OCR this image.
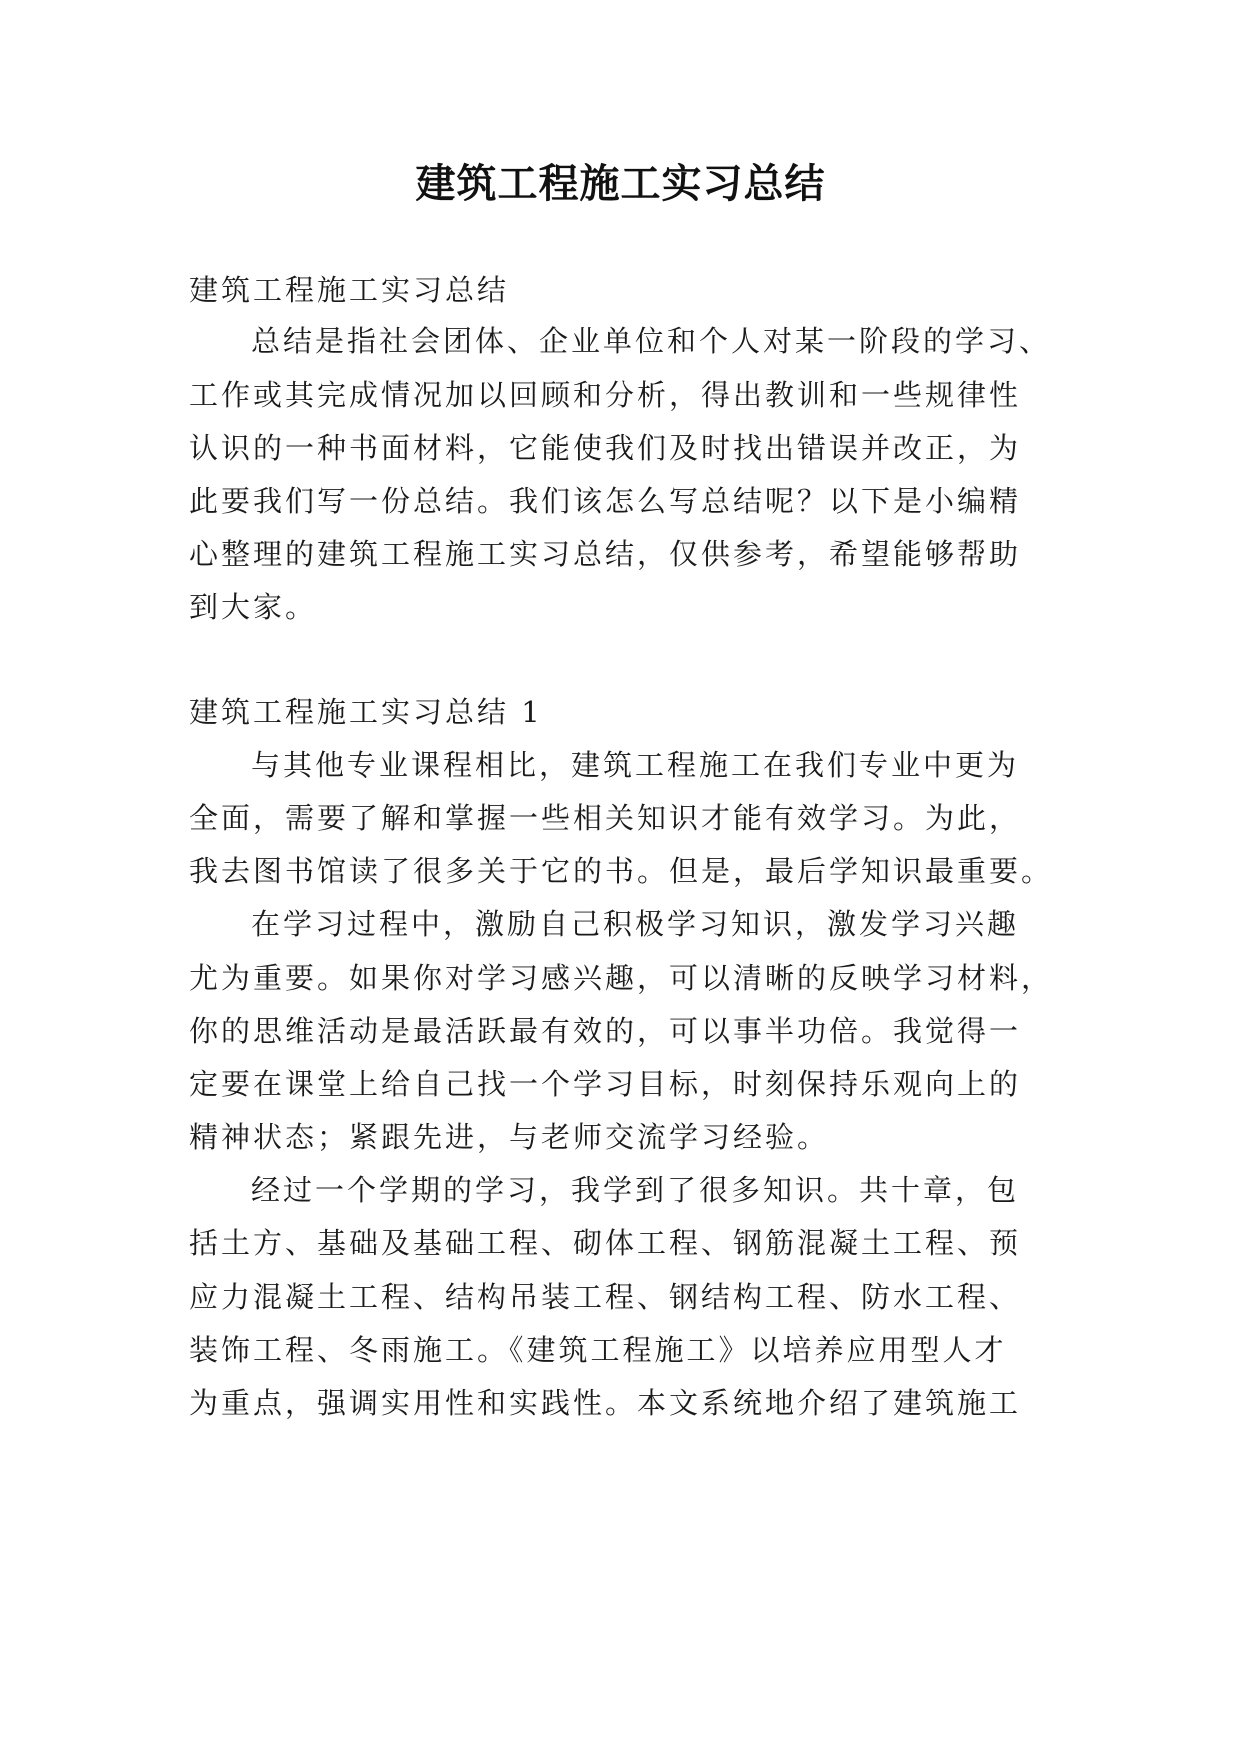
建筑工程施工实习总结
建筑工程施工实习总结
总结是指社会团体、企业单位和个人对某一阶段的学习、
工作或其完成情况加以回顾和分析，得出教训和一些规律性
认识的一种书面材料，它能使我们及时找出错误并改正，为
此要我们写一份总结。我们该怎么写总结呢？以下是小编精
心整理的建筑工程施工实习总结，仅供参考，希望能够帮助
到大家。
建筑工程施工实习总结 1
与其他专业课程相比，建筑工程施工在我们专业中更为
全面，需要了解和掌握一些相关知识才能有效学习。为此，
我去图书馆读了很多关于它的书。但是，最后学知识最重要。
在学习过程中，激励自己积极学习知识，激发学习兴趣
尤为重要。如果你对学习感兴趣，可以清晰的反映学习材料，
你的思维活动是最活跃最有效的，可以事半功倍。我觉得一
定要在课堂上给自己找一个学习目标，时刻保持乐观向上的
精神状态；紧跟先进，与老师交流学习经验。
经过一个学期的学习，我学到了很多知识。共十章，包
括土方、基础及基础工程、砌体工程、钢筋混凝土工程、预
应力混凝土工程、结构吊装工程、钢结构工程、防水工程、
装饰工程、冬雨施工。《建筑工程施工》以培养应用型人才
为重点，强调实用性和实践性。本文系统地介绍了建筑施工
